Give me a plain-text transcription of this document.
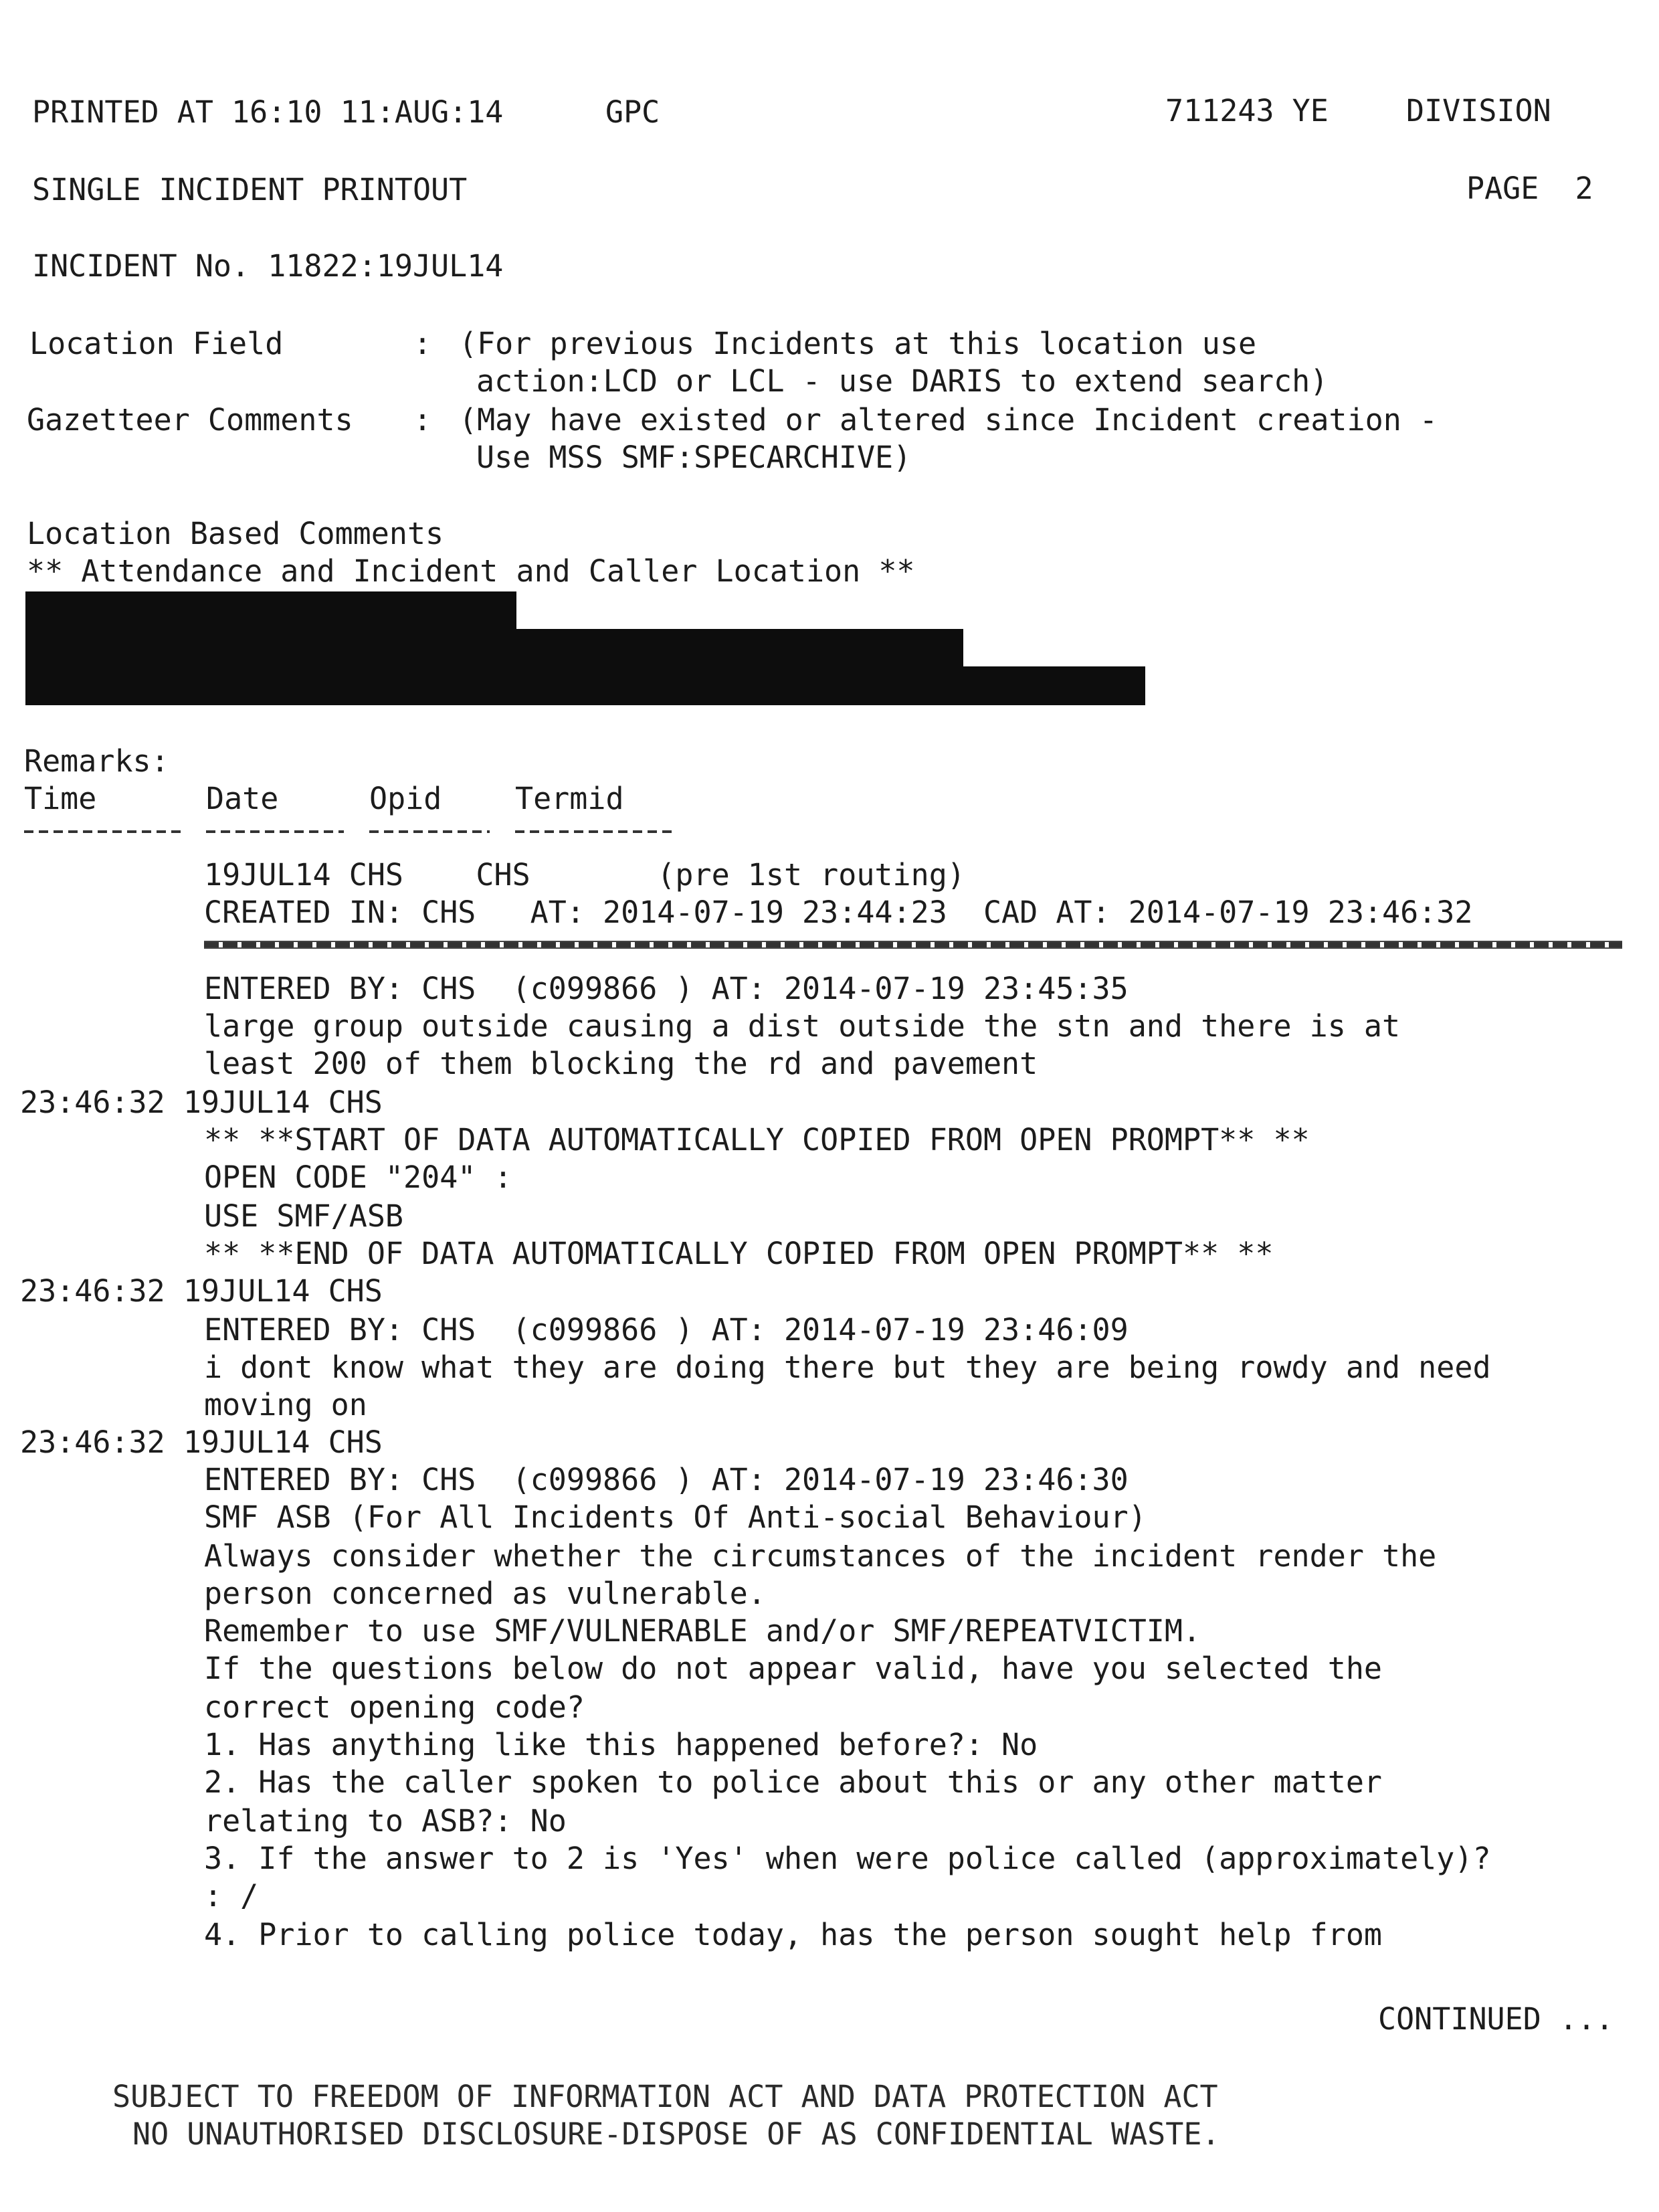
PRINTED AT 16:10 11:AUG:14	GPC	711243 YE	DIVISION
SINGLE INCIDENT PRINTOUT	PAGE  2
INCIDENT No. 11822:19JUL14
Location Field	: (For previous Incidents at this location use
action:LCD or LCL - use DARIS to extend search)
Gazetteer Comments : (May have existed or altered since Incident creation -
Use MSS SMF:SPECARCHIVE)
Location Based Comments
** Attendance and Incident and Caller Location **
Remarks:
Time	Date	Opid Termid
19JUL14 CHS    CHS       (pre 1st routing)
CREATED IN: CHS   AT: 2014-07-19 23:44:23  CAD AT: 2014-07-19 23:46:32
ENTERED BY: CHS  (c099866 ) AT: 2014-07-19 23:45:35
large group outside causing a dist outside the stn and there is at
least 200 of them blocking the rd and pavement
23:46:32 19JUL14 CHS
** **START OF DATA AUTOMATICALLY COPIED FROM OPEN PROMPT** **
OPEN CODE "204" :
USE SMF/ASB
** **END OF DATA AUTOMATICALLY COPIED FROM OPEN PROMPT** **
23:46:32 19JUL14 CHS
ENTERED BY: CHS  (c099866 ) AT: 2014-07-19 23:46:09
i dont know what they are doing there but they are being rowdy and need
moving on
23:46:32 19JUL14 CHS
ENTERED BY: CHS  (c099866 ) AT: 2014-07-19 23:46:30
SMF ASB (For All Incidents Of Anti-social Behaviour)
Always consider whether the circumstances of the incident render the
person concerned as vulnerable.
Remember to use SMF/VULNERABLE and/or SMF/REPEATVICTIM.
If the questions below do not appear valid, have you selected the
correct opening code?
1. Has anything like this happened before?: No
2. Has the caller spoken to police about this or any other matter
relating to ASB?: No
3. If the answer to 2 is 'Yes' when were police called (approximately)?
: /
4. Prior to calling police today, has the person sought help from
CONTINUED ...
SUBJECT TO FREEDOM OF INFORMATION ACT AND DATA PROTECTION ACT
NO UNAUTHORISED DISCLOSURE-DISPOSE OF AS CONFIDENTIAL WASTE.
